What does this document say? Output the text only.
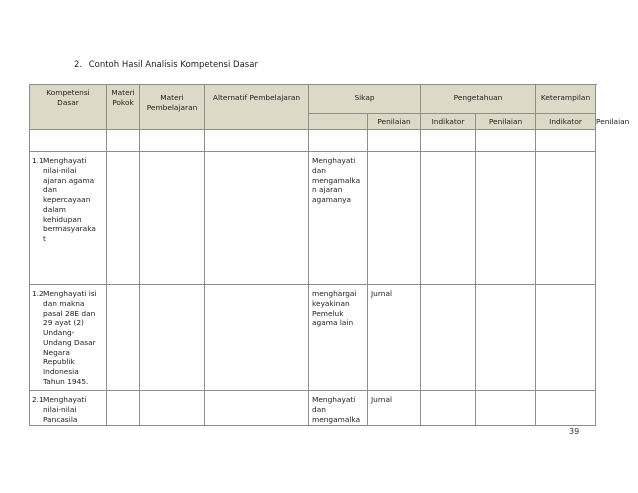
2. Contoh Hasil Analisis Kompetensi Dasar
Kompetensi Dasar	Materi Pokok	Materi Pembelajaran	Alternatif Pembelajaran	Sikap		Pengetahuan		Keterampilan	

					Penilaian	Indikator	Penilaian	Indikator	Penilaian

1.1 Menghayati nilai-nilai ajaran agama dan kepercayaan dalam kehidupan bermasyaraka t				Menghayati dan mengamalka n ajaran agamanya					

1.2 Menghayati isi dan makna pasal 28E dan 29 ayat (2) Undang-Undang Dasar Negara Republik Indonesia Tahun 1945.				menghargai keyakinan Pemeluk agama lain	Jurnal				

2.1 Menghayati nilai-nilai Pancasila				Menghayati dan mengamalka	Jurnal				

39
